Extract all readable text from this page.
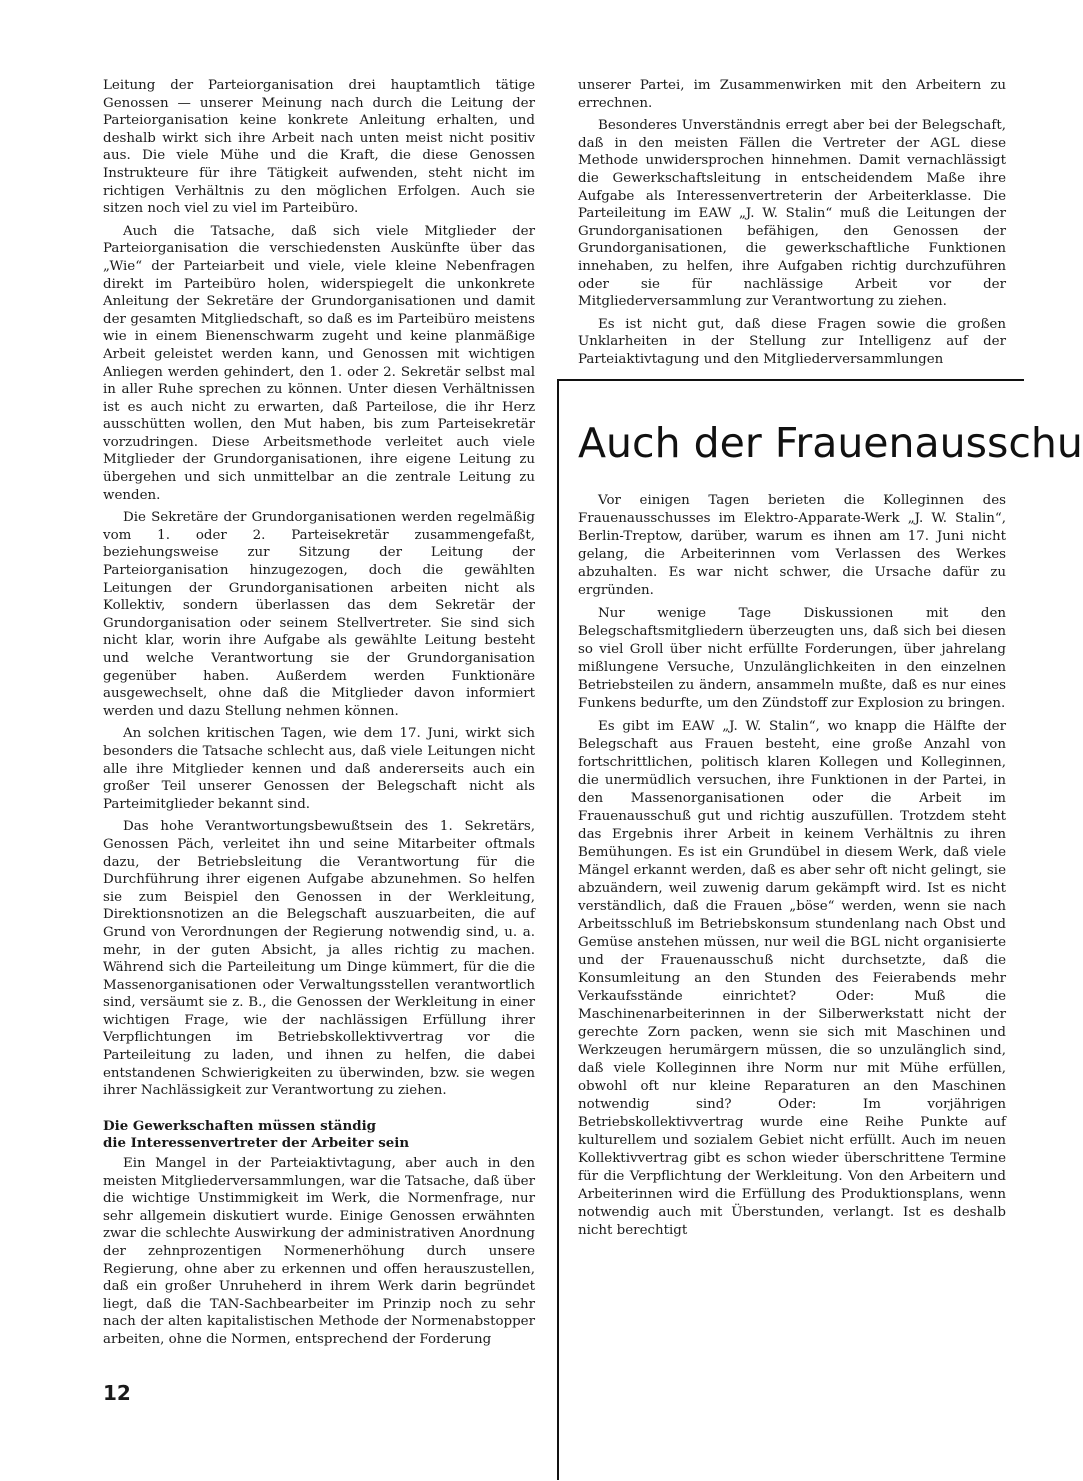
Leitung der Parteiorganisation drei hauptamtlich tätige Genossen — unserer Meinung nach durch die Leitung der Parteiorganisation keine konkrete Anleitung erhalten, und deshalb wirkt sich ihre Arbeit nach unten meist nicht positiv aus. Die viele Mühe und die Kraft, die diese Genossen Instrukteure für ihre Tätigkeit aufwenden, steht nicht im richtigen Verhältnis zu den möglichen Erfolgen. Auch sie sitzen noch viel zu viel im Parteibüro.

Auch die Tatsache, daß sich viele Mitglieder der Parteiorganisation die verschiedensten Auskünfte über das „Wie“ der Parteiarbeit und viele, viele kleine Nebenfragen direkt im Parteibüro holen, widerspiegelt die unkonkrete Anleitung der Sekretäre der Grundorganisationen und damit der gesamten Mitgliedschaft, so daß es im Parteibüro meistens wie in einem Bienenschwarm zugeht und keine planmäßige Arbeit geleistet werden kann, und Genossen mit wichtigen Anliegen werden gehindert, den 1. oder 2. Sekretär selbst mal in aller Ruhe sprechen zu können. Unter diesen Verhältnissen ist es auch nicht zu erwarten, daß Parteilose, die ihr Herz ausschütten wollen, den Mut haben, bis zum Parteisekretär vorzudringen. Diese Arbeitsmethode verleitet auch viele Mitglieder der Grundorganisationen, ihre eigene Leitung zu übergehen und sich unmittelbar an die zentrale Leitung zu wenden.

Die Sekretäre der Grundorganisationen werden regelmäßig vom 1. oder 2. Parteisekretär zusammengefaßt, beziehungsweise zur Sitzung der Leitung der Parteiorganisation hinzugezogen, doch die gewählten Leitungen der Grundorganisationen arbeiten nicht als Kollektiv, sondern überlassen das dem Sekretär der Grundorganisation oder seinem Stellvertreter. Sie sind sich nicht klar, worin ihre Aufgabe als gewählte Leitung besteht und welche Verantwortung sie der Grundorganisation gegenüber haben. Außerdem werden Funktionäre ausgewechselt, ohne daß die Mitglieder davon informiert werden und dazu Stellung nehmen können.

An solchen kritischen Tagen, wie dem 17. Juni, wirkt sich besonders die Tatsache schlecht aus, daß viele Leitungen nicht alle ihre Mitglieder kennen und daß andererseits auch ein großer Teil unserer Genossen der Belegschaft nicht als Parteimitglieder bekannt sind.

Das hohe Verantwortungsbewußtsein des 1. Sekretärs, Genossen Päch, verleitet ihn und seine Mitarbeiter oftmals dazu, der Betriebsleitung die Verantwortung für die Durchführung ihrer eigenen Aufgabe abzunehmen. So helfen sie zum Beispiel den Genossen in der Werkleitung, Direktionsnotizen an die Belegschaft auszuarbeiten, die auf Grund von Verordnungen der Regierung notwendig sind, u. a. mehr, in der guten Absicht, ja alles richtig zu machen. Während sich die Parteileitung um Dinge kümmert, für die die Massenorganisationen oder Verwaltungsstellen verantwortlich sind, versäumt sie z. B., die Genossen der Werkleitung in einer wichtigen Frage, wie der nachlässigen Erfüllung ihrer Verpflichtungen im Betriebskollektivvertrag vor die Parteileitung zu laden, und ihnen zu helfen, die dabei entstandenen Schwierigkeiten zu überwinden, bzw. sie wegen ihrer Nachlässigkeit zur Verantwortung zu ziehen.

Die Gewerkschaften müssen ständig
die Interessenvertreter der Arbeiter sein

Ein Mangel in der Parteiaktivtagung, aber auch in den meisten Mitgliederversammlungen, war die Tatsache, daß über die wichtige Unstimmigkeit im Werk, die Normenfrage, nur sehr allgemein diskutiert wurde. Einige Genossen erwähnten zwar die schlechte Auswirkung der administrativen Anordnung der zehnprozentigen Normenerhöhung durch unsere Regierung, ohne aber zu erkennen und offen herauszustellen, daß ein großer Unruheherd in ihrem Werk darin begründet liegt, daß die TAN-Sachbearbeiter im Prinzip noch zu sehr nach der alten kapitalistischen Methode der Normenabstopper arbeiten, ohne die Normen, entsprechend der Forderung

unserer Partei, im Zusammenwirken mit den Arbeitern zu errechnen.

Besonderes Unverständnis erregt aber bei der Belegschaft, daß in den meisten Fällen die Vertreter der AGL diese Methode unwidersprochen hinnehmen. Damit vernachlässigt die Gewerkschaftsleitung in entscheidendem Maße ihre Aufgabe als Interessenvertreterin der Arbeiterklasse. Die Parteileitung im EAW „J. W. Stalin“ muß die Leitungen der Grundorganisationen befähigen, den Genossen der Grundorganisationen, die gewerkschaftliche Funktionen innehaben, zu helfen, ihre Aufgaben richtig durchzuführen oder sie für nachlässige Arbeit vor der Mitgliederversammlung zur Verantwortung zu ziehen.

Es ist nicht gut, daß diese Fragen sowie die großen Unklarheiten in der Stellung zur Intelligenz auf der Parteiaktivtagung und den Mitgliederversammlungen

Auch der Frauenausschu

Vor einigen Tagen berieten die Kolleginnen des Frauenausschusses im Elektro-Apparate-Werk „J. W. Stalin“, Berlin-Treptow, darüber, warum es ihnen am 17. Juni nicht gelang, die Arbeiterinnen vom Verlassen des Werkes abzuhalten. Es war nicht schwer, die Ursache dafür zu ergründen.

Nur wenige Tage Diskussionen mit den Belegschaftsmitgliedern überzeugten uns, daß sich bei diesen so viel Groll über nicht erfüllte Forderungen, über jahrelang mißlungene Versuche, Unzulänglichkeiten in den einzelnen Betriebsteilen zu ändern, ansammeln mußte, daß es nur eines Funkens bedurfte, um den Zündstoff zur Explosion zu bringen.

Es gibt im EAW „J. W. Stalin“, wo knapp die Hälfte der Belegschaft aus Frauen besteht, eine große Anzahl von fortschrittlichen, politisch klaren Kollegen und Kolleginnen, die unermüdlich versuchen, ihre Funktionen in der Partei, in den Massenorganisationen oder die Arbeit im Frauenausschuß gut und richtig auszufüllen. Trotzdem steht das Ergebnis ihrer Arbeit in keinem Verhältnis zu ihren Bemühungen. Es ist ein Grundübel in diesem Werk, daß viele Mängel erkannt werden, daß es aber sehr oft nicht gelingt, sie abzuändern, weil zuwenig darum gekämpft wird. Ist es nicht verständlich, daß die Frauen „böse“ werden, wenn sie nach Arbeitsschluß im Betriebskonsum stundenlang nach Obst und Gemüse anstehen müssen, nur weil die BGL nicht organisierte und der Frauenausschuß nicht durchsetzte, daß die Konsumleitung an den Stunden des Feierabends mehr Verkaufsstände einrichtet? Oder: Muß die Maschinenarbeiterinnen in der Silberwerkstatt nicht der gerechte Zorn packen, wenn sie sich mit Maschinen und Werkzeugen herumärgern müssen, die so unzulänglich sind, daß viele Kolleginnen ihre Norm nur mit Mühe erfüllen, obwohl oft nur kleine Reparaturen an den Maschinen notwendig sind? Oder: Im vorjährigen Betriebskollektivvertrag wurde eine Reihe Punkte auf kulturellem und sozialem Gebiet nicht erfüllt. Auch im neuen Kollektivvertrag gibt es schon wieder überschrittene Termine für die Verpflichtung der Werkleitung. Von den Arbeitern und Arbeiterinnen wird die Erfüllung des Produktionsplans, wenn notwendig auch mit Überstunden, verlangt. Ist es deshalb nicht berechtigt

12
